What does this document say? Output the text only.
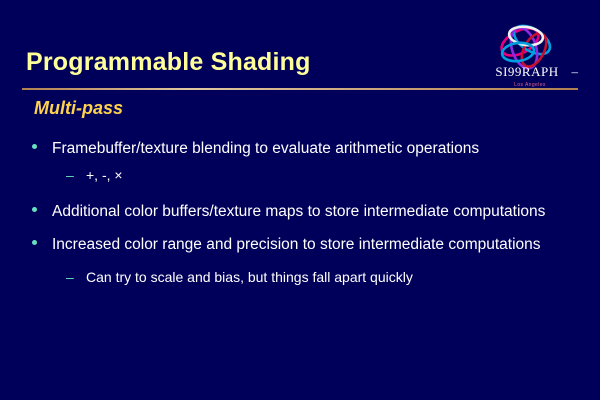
SI99RAPH –
Los Angeles
Programmable Shading
Multi-pass
Framebuffer/texture blending to evaluate arithmetic operations
– +, -, ×
Additional color buffers/texture maps to store intermediate computations
Increased color range and precision to store intermediate computations
– Can try to scale and bias, but things fall apart quickly
